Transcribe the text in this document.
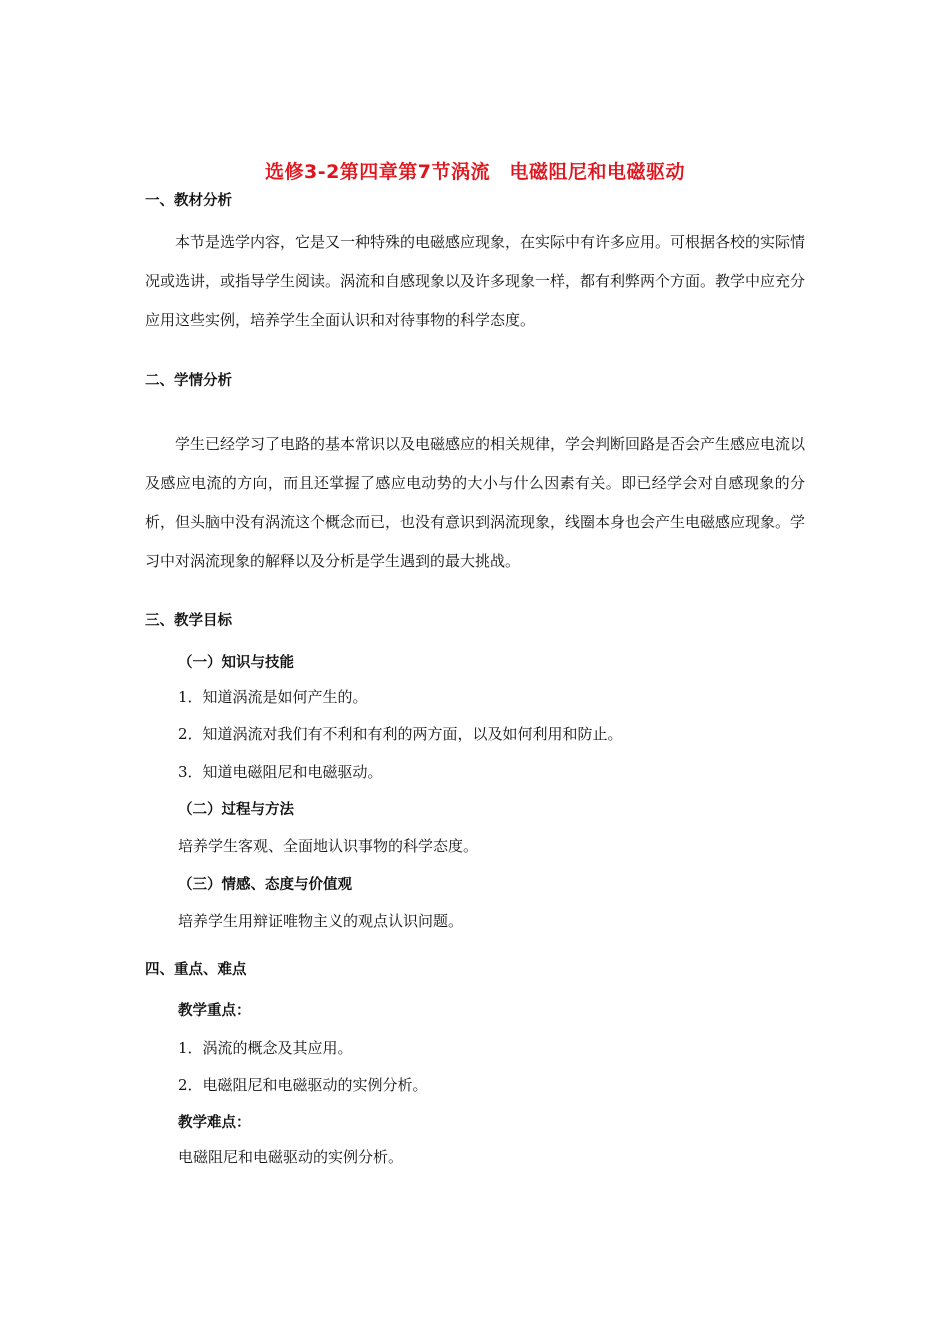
选修3-2第四章第7节涡流　电磁阻尼和电磁驱动
一、教材分析
本节是选学内容，它是又一种特殊的电磁感应现象，在实际中有许多应用。可根据各校的实际情况或选讲，或指导学生阅读。涡流和自感现象以及许多现象一样，都有利弊两个方面。教学中应充分应用这些实例，培养学生全面认识和对待事物的科学态度。
二、学情分析
学生已经学习了电路的基本常识以及电磁感应的相关规律，学会判断回路是否会产生感应电流以及感应电流的方向，而且还掌握了感应电动势的大小与什么因素有关。即已经学会对自感现象的分析，但头脑中没有涡流这个概念而已，也没有意识到涡流现象，线圈本身也会产生电磁感应现象。学习中对涡流现象的解释以及分析是学生遇到的最大挑战。
三、教学目标
（一）知识与技能
1．知道涡流是如何产生的。
2．知道涡流对我们有不利和有利的两方面，以及如何利用和防止。
3．知道电磁阻尼和电磁驱动。
（二）过程与方法
培养学生客观、全面地认识事物的科学态度。
（三）情感、态度与价值观
培养学生用辩证唯物主义的观点认识问题。
四、重点、难点
教学重点：
1．涡流的概念及其应用。
2．电磁阻尼和电磁驱动的实例分析。
教学难点：
电磁阻尼和电磁驱动的实例分析。
